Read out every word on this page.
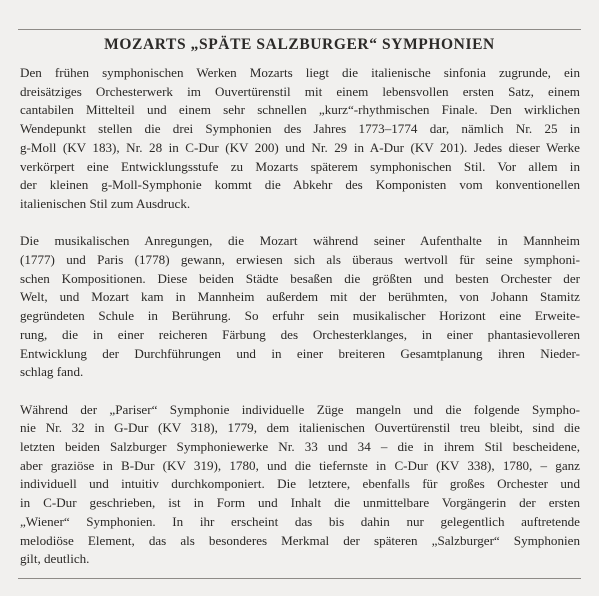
MOZARTS „SPÄTE SALZBURGER“ SYMPHONIEN

Den frühen symphonischen Werken Mozarts liegt die italienische sinfonia zugrunde, ein
dreisätziges Orchesterwerk im Ouvertürenstil mit einem lebensvollen ersten Satz, einem
cantabilen Mittelteil und einem sehr schnellen „kurz“-rhythmischen Finale. Den wirklichen
Wendepunkt stellen die drei Symphonien des Jahres 1773–1774 dar, nämlich Nr. 25 in
g-Moll (KV 183), Nr. 28 in C-Dur (KV 200) und Nr. 29 in A-Dur (KV 201). Jedes dieser Werke
verkörpert eine Entwicklungsstufe zu Mozarts späterem symphonischen Stil. Vor allem in
der kleinen g-Moll-Symphonie kommt die Abkehr des Komponisten vom konventionellen
italienischen Stil zum Ausdruck.

Die musikalischen Anregungen, die Mozart während seiner Aufenthalte in Mannheim
(1777) und Paris (1778) gewann, erwiesen sich als überaus wertvoll für seine symphoni-
schen Kompositionen. Diese beiden Städte besaßen die größten und besten Orchester der
Welt, und Mozart kam in Mannheim außerdem mit der berühmten, von Johann Stamitz
gegründeten Schule in Berührung. So erfuhr sein musikalischer Horizont eine Erweite-
rung, die in einer reicheren Färbung des Orchesterklanges, in einer phantasievolleren
Entwicklung der Durchführungen und in einer breiteren Gesamtplanung ihren Nieder-
schlag fand.

Während der „Pariser“ Symphonie individuelle Züge mangeln und die folgende Sympho-
nie Nr. 32 in G-Dur (KV 318), 1779, dem italienischen Ouvertürenstil treu bleibt, sind die
letzten beiden Salzburger Symphoniewerke Nr. 33 und 34 – die in ihrem Stil bescheidene,
aber graziöse in B-Dur (KV 319), 1780, und die tiefernste in C-Dur (KV 338), 1780, – ganz
individuell und intuitiv durchkomponiert. Die letztere, ebenfalls für großes Orchester und
in C-Dur geschrieben, ist in Form und Inhalt die unmittelbare Vorgängerin der ersten
„Wiener“ Symphonien. In ihr erscheint das bis dahin nur gelegentlich auftretende
melodiöse Element, das als besonderes Merkmal der späteren „Salzburger“ Symphonien
gilt, deutlich.
